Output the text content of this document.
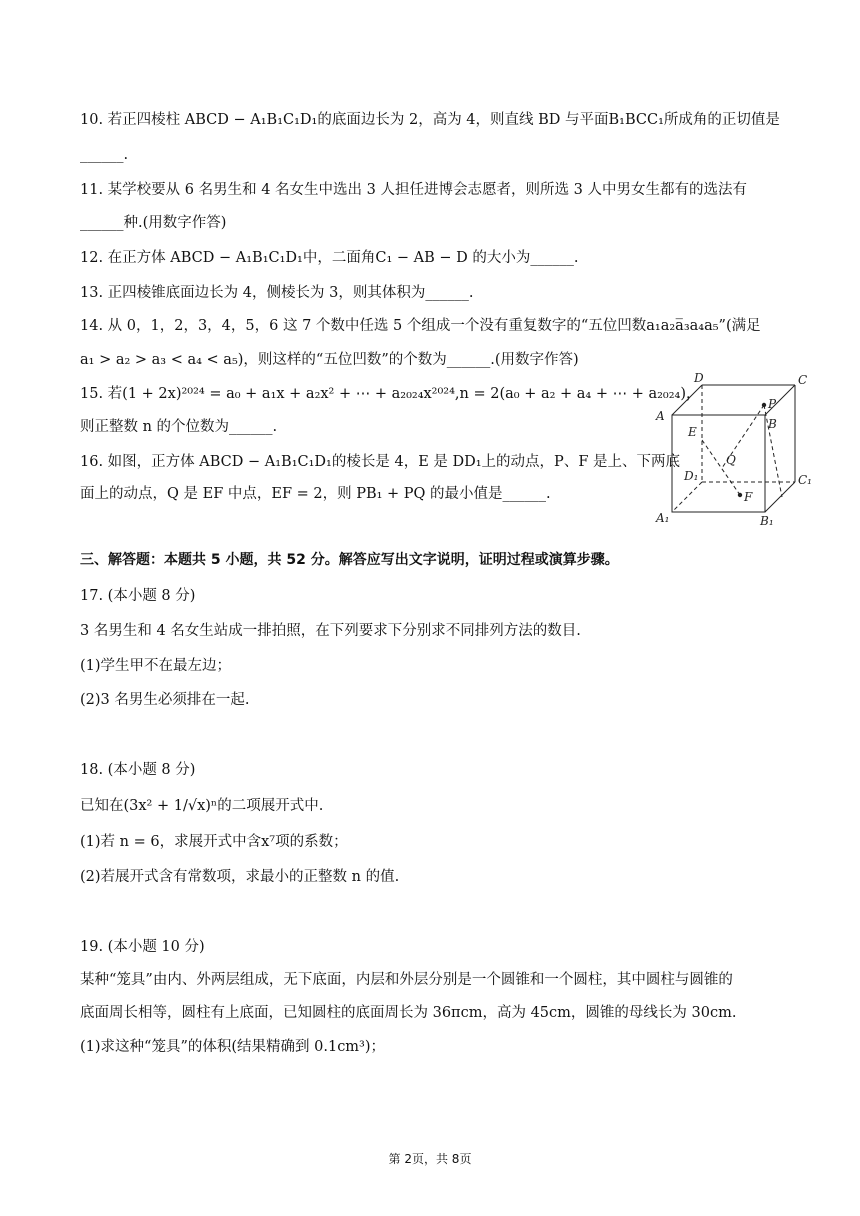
10. 若正四棱柱 ABCD − A₁B₁C₁D₁的底面边长为 2，高为 4，则直线 BD 与平面B₁BCC₁所成角的正切值是
______.
11. 某学校要从 6 名男生和 4 名女生中选出 3 人担任进博会志愿者，则所选 3 人中男女生都有的选法有
______种.(用数字作答)
12. 在正方体 ABCD − A₁B₁C₁D₁中，二面角C₁ − AB − D 的大小为______.
13. 正四棱锥底面边长为 4，侧棱长为 3，则其体积为______.
14. 从 0，1，2，3，4，5，6 这 7 个数中任选 5 个组成一个没有重复数字的“五位凹数a₁a₂a̅₃a₄a₅”(满足
a₁ > a₂ > a₃ < a₄ < a₅)，则这样的“五位凹数”的个数为______.(用数字作答)
15. 若(1 + 2x)²⁰²⁴ = a₀ + a₁x + a₂x² + ⋯ + a₂₀₂₄x²⁰²⁴,n = 2(a₀ + a₂ + a₄ + ⋯ + a₂₀₂₄)，
则正整数 n 的个位数为______.
16. 如图，正方体 ABCD − A₁B₁C₁D₁的棱长是 4，E 是 DD₁上的动点，P、F 是上、下两底
面上的动点，Q 是 EF 中点，EF = 2，则 PB₁ + PQ 的最小值是______.
三、解答题：本题共 5 小题，共 52 分。解答应写出文字说明，证明过程或演算步骤。
17. (本小题 8 分)
3 名男生和 4 名女生站成一排拍照，在下列要求下分别求不同排列方法的数目.
(1)学生甲不在最左边；
(2)3 名男生必须排在一起.
18. (本小题 8 分)
已知在(3x² + 1/√x)ⁿ的二项展开式中.
(1)若 n = 6，求展开式中含x⁷项的系数；
(2)若展开式含有常数项，求最小的正整数 n 的值.
19. (本小题 10 分)
某种“笼具”由内、外两层组成，无下底面，内层和外层分别是一个圆锥和一个圆柱，其中圆柱与圆锥的
底面周长相等，圆柱有上底面，已知圆柱的底面周长为 36πcm，高为 45cm，圆锥的母线长为 30cm.
(1)求这种“笼具”的体积(结果精确到 0.1cm³)；
D	C
A
B
E
P
Q
D₁	C₁
A₁	B₁
F
第 2页，共 8页
